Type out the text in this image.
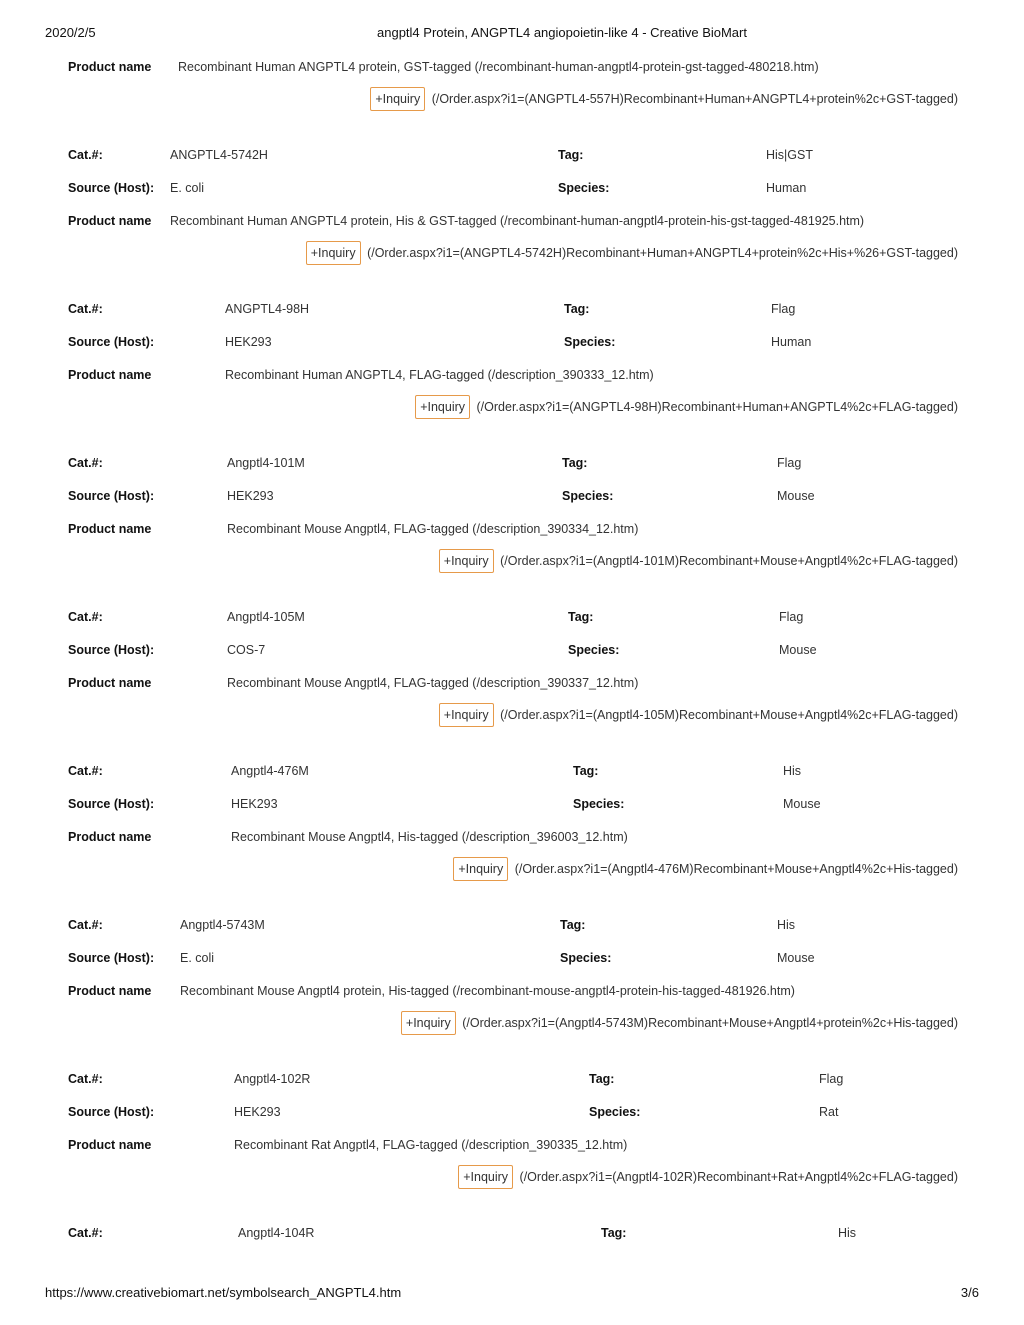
2020/2/5	angptl4 Protein, ANGPTL4 angiopoietin-like 4 - Creative BioMart
Product name Recombinant Human ANGPTL4 protein, GST-tagged (/recombinant-human-angptl4-protein-gst-tagged-480218.htm)
+Inquiry (/Order.aspx?i1=(ANGPTL4-557H)Recombinant+Human+ANGPTL4+protein%2c+GST-tagged)
Cat.#:	ANGPTL4-5742H	Tag:	His|GST
Source (Host): E. coli	Species:	Human
Product name Recombinant Human ANGPTL4 protein, His & GST-tagged (/recombinant-human-angptl4-protein-his-gst-tagged-481925.htm)
+Inquiry (/Order.aspx?i1=(ANGPTL4-5742H)Recombinant+Human+ANGPTL4+protein%2c+His+%26+GST-tagged)
Cat.#:	ANGPTL4-98H	Tag:	Flag
Source (Host):	HEK293	Species:	Human
Product name	Recombinant Human ANGPTL4, FLAG-tagged (/description_390333_12.htm)
+Inquiry (/Order.aspx?i1=(ANGPTL4-98H)Recombinant+Human+ANGPTL4%2c+FLAG-tagged)
Cat.#:	Angptl4-101M	Tag:	Flag
Source (Host):	HEK293	Species:	Mouse
Product name	Recombinant Mouse Angptl4, FLAG-tagged (/description_390334_12.htm)
+Inquiry (/Order.aspx?i1=(Angptl4-101M)Recombinant+Mouse+Angptl4%2c+FLAG-tagged)
Cat.#:	Angptl4-105M	Tag:	Flag
Source (Host):	COS-7	Species:	Mouse
Product name	Recombinant Mouse Angptl4, FLAG-tagged (/description_390337_12.htm)
+Inquiry (/Order.aspx?i1=(Angptl4-105M)Recombinant+Mouse+Angptl4%2c+FLAG-tagged)
Cat.#:	Angptl4-476M	Tag:	His
Source (Host):	HEK293	Species:	Mouse
Product name	Recombinant Mouse Angptl4, His-tagged (/description_396003_12.htm)
+Inquiry (/Order.aspx?i1=(Angptl4-476M)Recombinant+Mouse+Angptl4%2c+His-tagged)
Cat.#:	Angptl4-5743M	Tag:	His
Source (Host): E. coli	Species:	Mouse
Product name Recombinant Mouse Angptl4 protein, His-tagged (/recombinant-mouse-angptl4-protein-his-tagged-481926.htm)
+Inquiry (/Order.aspx?i1=(Angptl4-5743M)Recombinant+Mouse+Angptl4+protein%2c+His-tagged)
Cat.#:	Angptl4-102R	Tag:	Flag
Source (Host):	HEK293	Species:	Rat
Product name	Recombinant Rat Angptl4, FLAG-tagged (/description_390335_12.htm)
+Inquiry (/Order.aspx?i1=(Angptl4-102R)Recombinant+Rat+Angptl4%2c+FLAG-tagged)
Cat.#:	Angptl4-104R	Tag:	His
https://www.creativebiomart.net/symbolsearch_ANGPTL4.htm	3/6
